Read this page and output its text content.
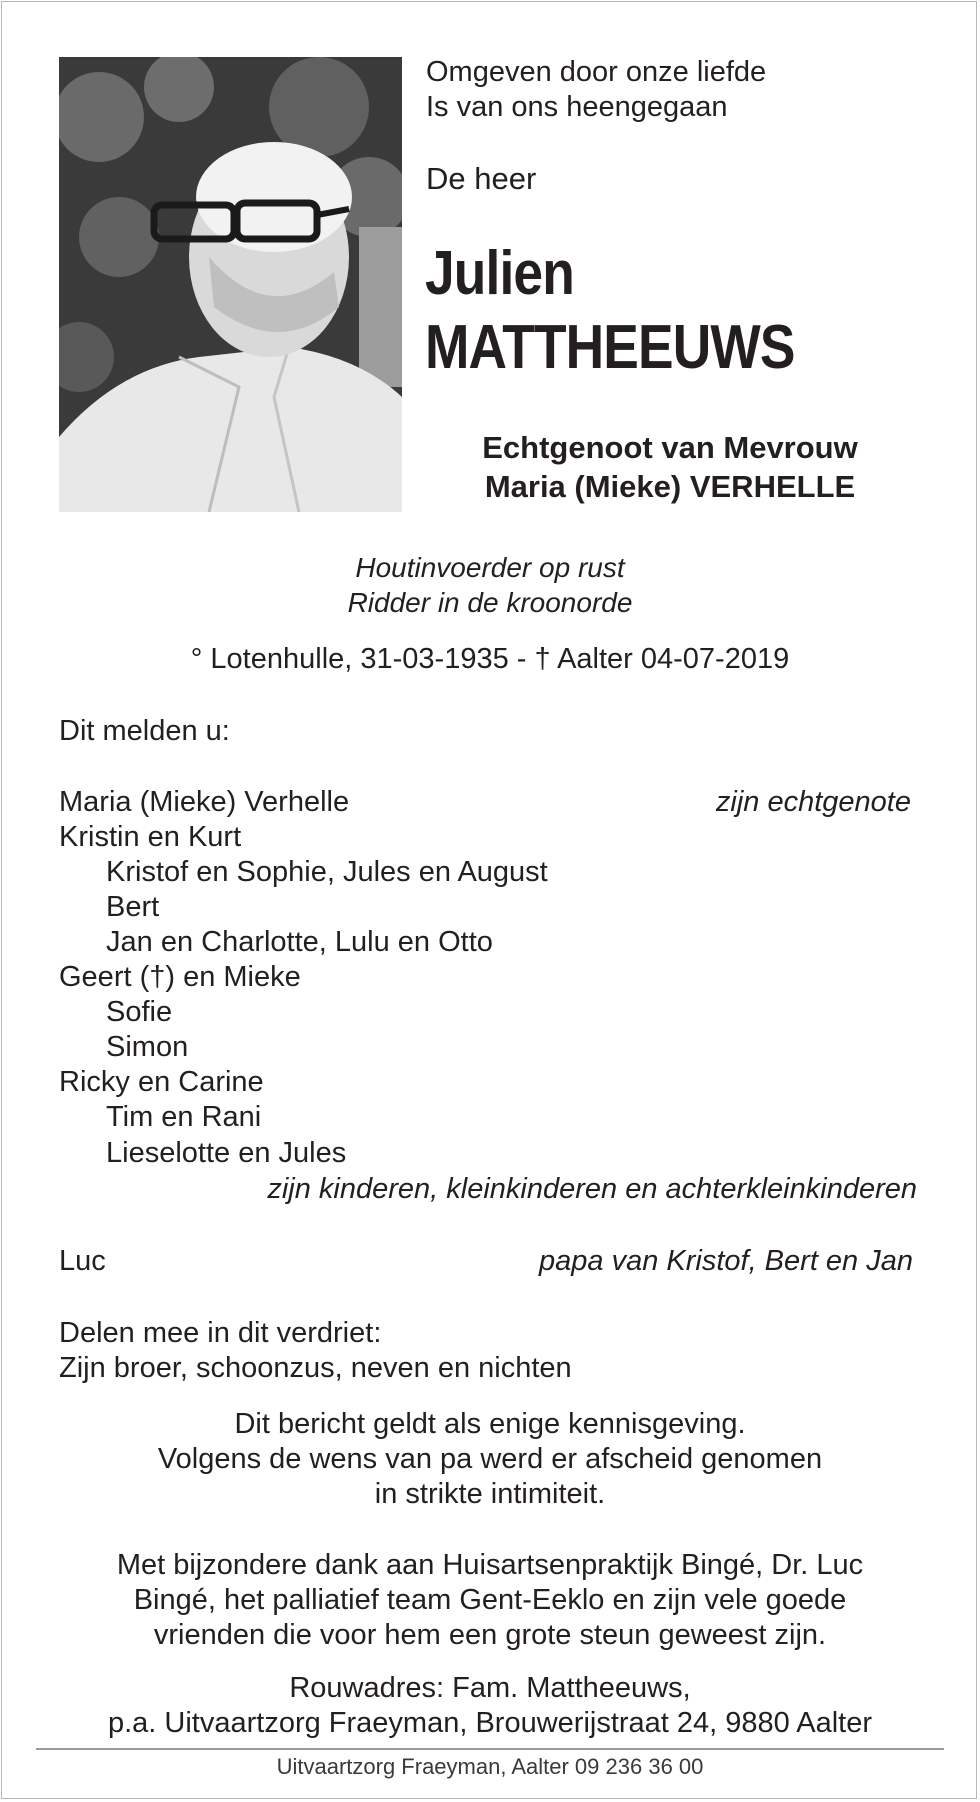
Omgeven door onze liefde
Is van ons heengegaan
De heer
Julien
MATTHEEUWS
Echtgenoot van Mevrouw
Maria (Mieke) VERHELLE
Houtinvoerder op rust
Ridder in de kroonorde
° Lotenhulle, 31-03-1935 - † Aalter 04-07-2019
Dit melden u:
Maria (Mieke) Verhelle	zijn echtgenote
Kristin en Kurt
Kristof en Sophie, Jules en August
Bert
Jan en Charlotte, Lulu en Otto
Geert (†) en Mieke
Sofie
Simon
Ricky en Carine
Tim en Rani
Lieselotte en Jules
zijn kinderen, kleinkinderen en achterkleinkinderen
Luc	papa van Kristof, Bert en Jan
Delen mee in dit verdriet:
Zijn broer, schoonzus, neven en nichten
Dit bericht geldt als enige kennisgeving.
Volgens de wens van pa werd er afscheid genomen
in strikte intimiteit.
Met bijzondere dank aan Huisartsenpraktijk Bingé, Dr. Luc
Bingé, het palliatief team Gent-Eeklo en zijn vele goede
vrienden die voor hem een grote steun geweest zijn.
Rouwadres: Fam. Mattheeuws,
p.a. Uitvaartzorg Fraeyman, Brouwerijstraat 24, 9880 Aalter
Uitvaartzorg Fraeyman, Aalter 09 236 36 00
